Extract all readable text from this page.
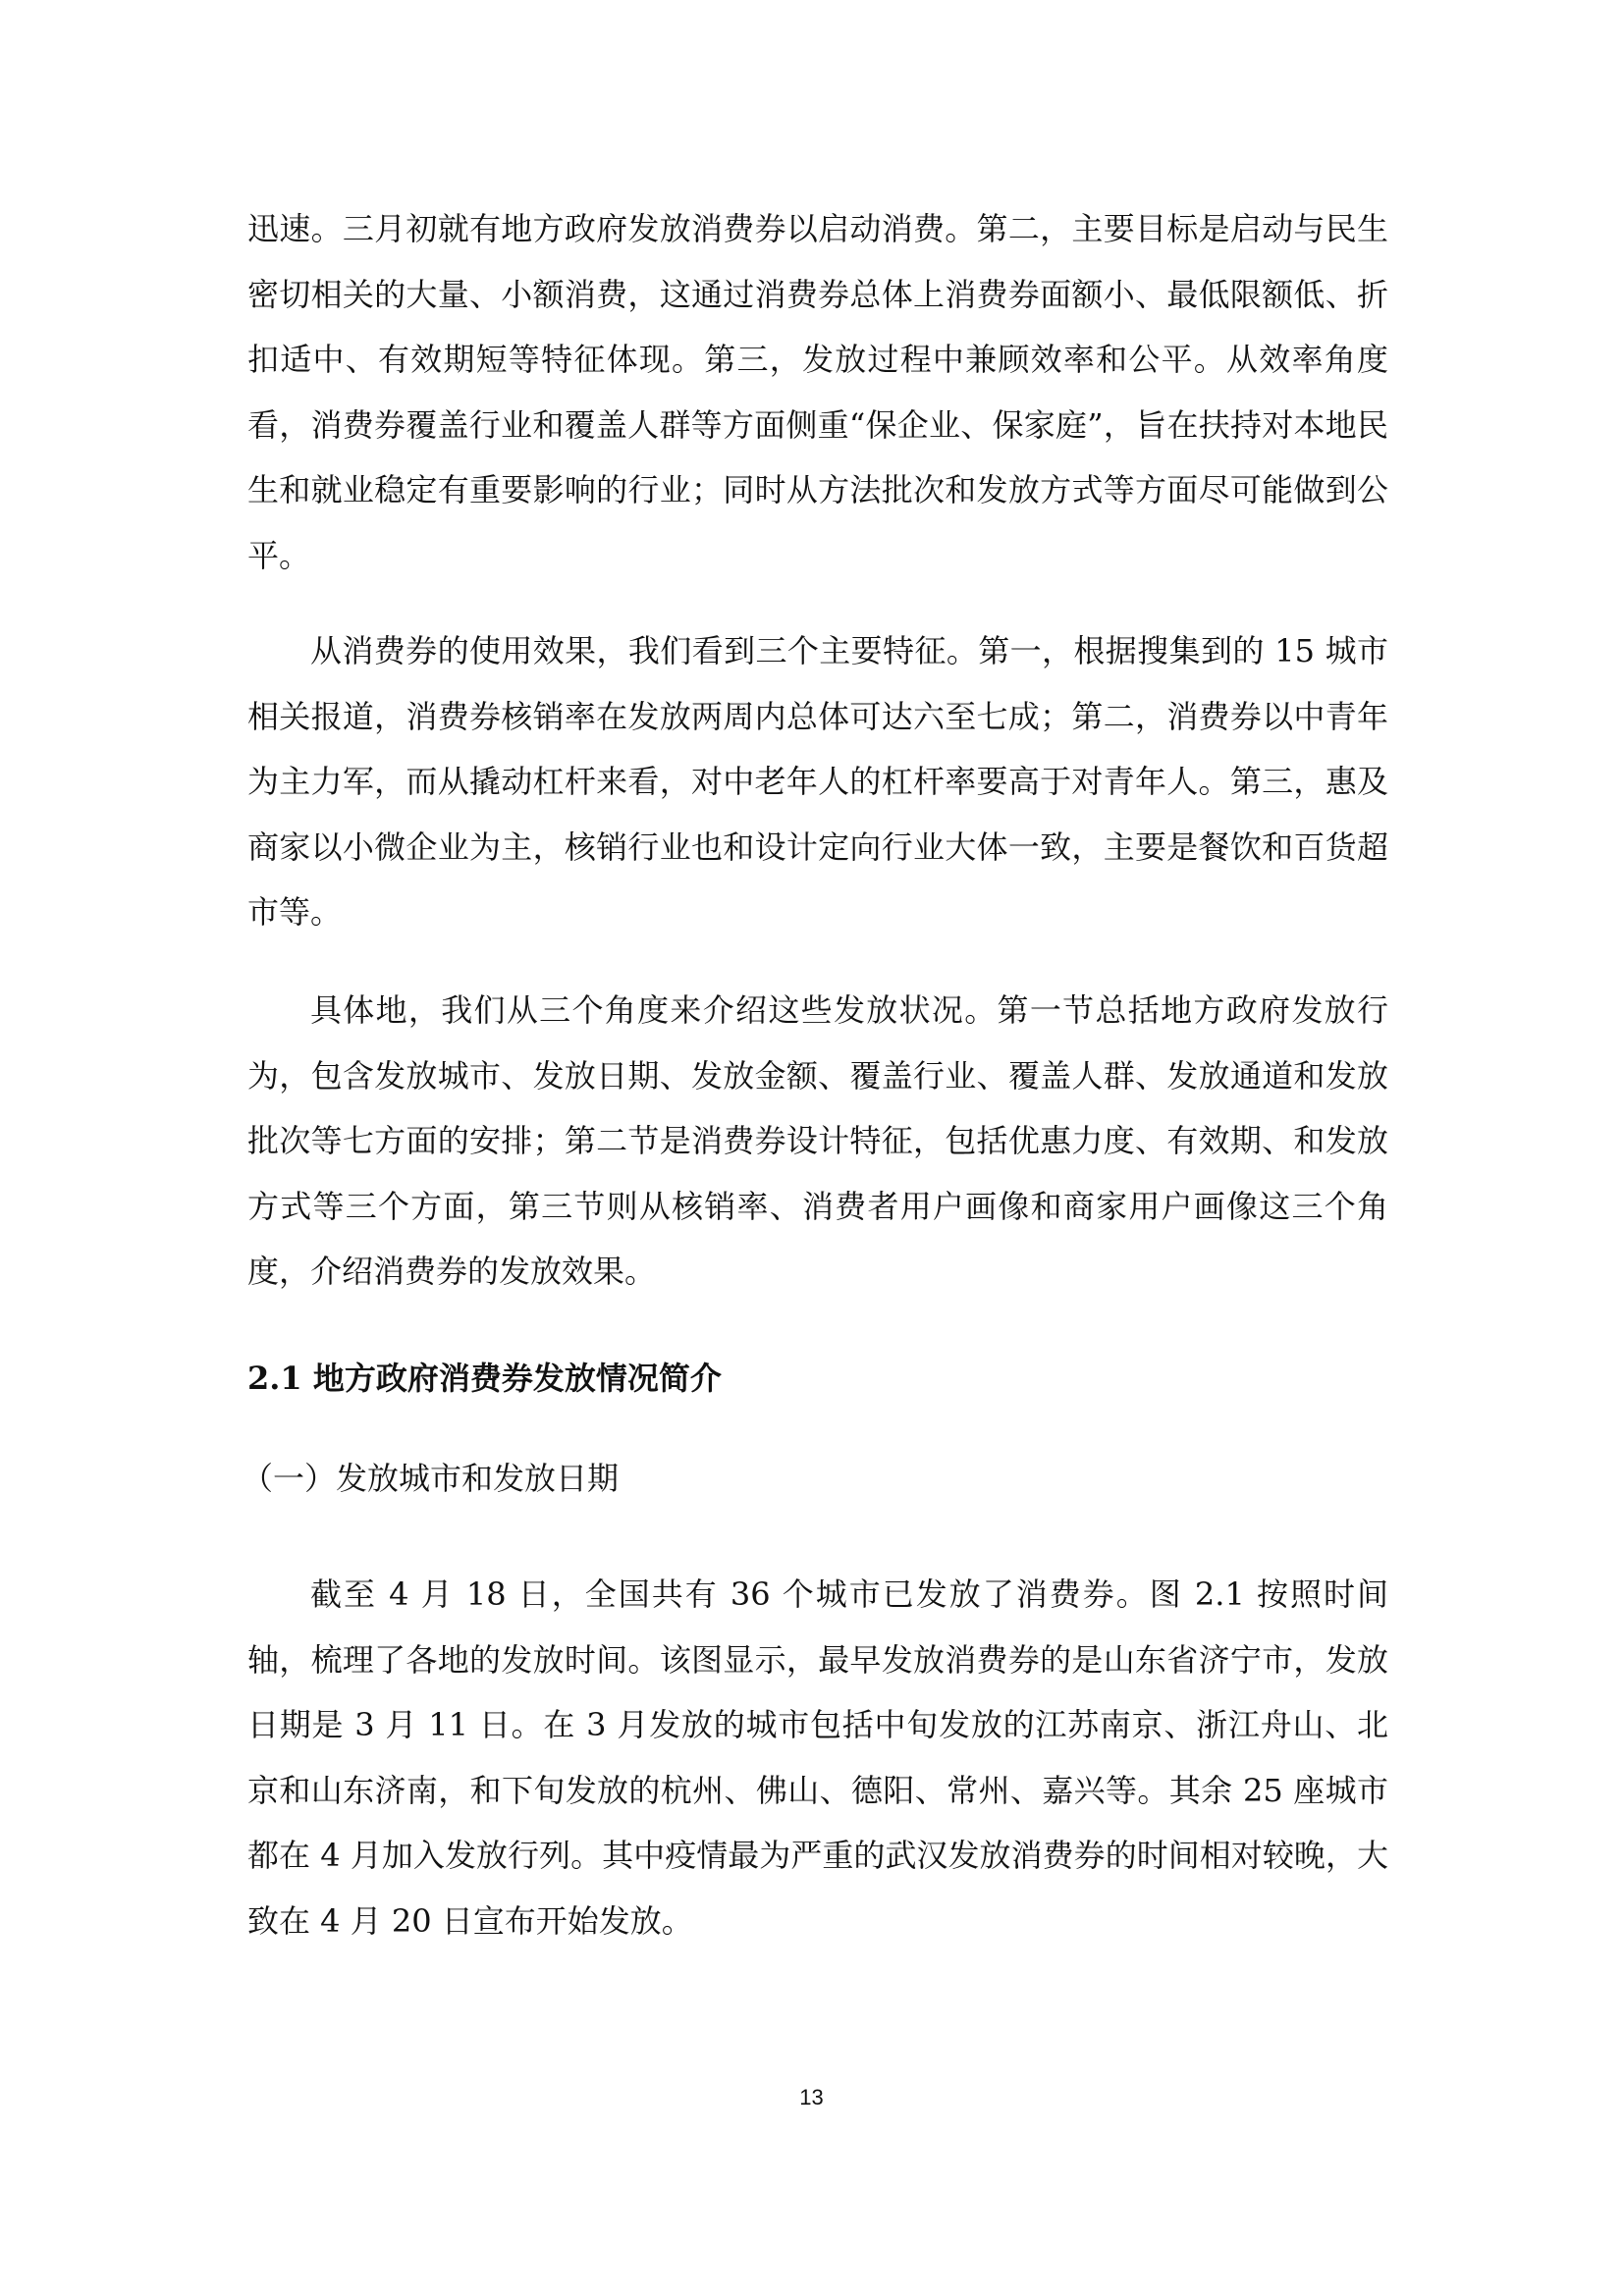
迅速。三月初就有地方政府发放消费券以启动消费。第二，主要目标是启动与民生密切相关的大量、小额消费，这通过消费券总体上消费券面额小、最低限额低、折扣适中、有效期短等特征体现。第三，发放过程中兼顾效率和公平。从效率角度看，消费券覆盖行业和覆盖人群等方面侧重“保企业、保家庭”，旨在扶持对本地民生和就业稳定有重要影响的行业；同时从方法批次和发放方式等方面尽可能做到公平。

从消费券的使用效果，我们看到三个主要特征。第一，根据搜集到的 15 城市相关报道，消费券核销率在发放两周内总体可达六至七成；第二，消费券以中青年为主力军，而从撬动杠杆来看，对中老年人的杠杆率要高于对青年人。第三，惠及商家以小微企业为主，核销行业也和设计定向行业大体一致，主要是餐饮和百货超市等。

具体地，我们从三个角度来介绍这些发放状况。第一节总括地方政府发放行为，包含发放城市、发放日期、发放金额、覆盖行业、覆盖人群、发放通道和发放批次等七方面的安排；第二节是消费券设计特征，包括优惠力度、有效期、和发放方式等三个方面，第三节则从核销率、消费者用户画像和商家用户画像这三个角度，介绍消费券的发放效果。

2.1 地方政府消费券发放情况简介

（一）发放城市和发放日期

截至 4 月 18 日，全国共有 36 个城市已发放了消费券。图 2.1 按照时间轴，梳理了各地的发放时间。该图显示，最早发放消费券的是山东省济宁市，发放日期是 3 月 11 日。在 3 月发放的城市包括中旬发放的江苏南京、浙江舟山、北京和山东济南，和下旬发放的杭州、佛山、德阳、常州、嘉兴等。其余 25 座城市都在 4 月加入发放行列。其中疫情最为严重的武汉发放消费券的时间相对较晚，大致在 4 月 20 日宣布开始发放。

13
